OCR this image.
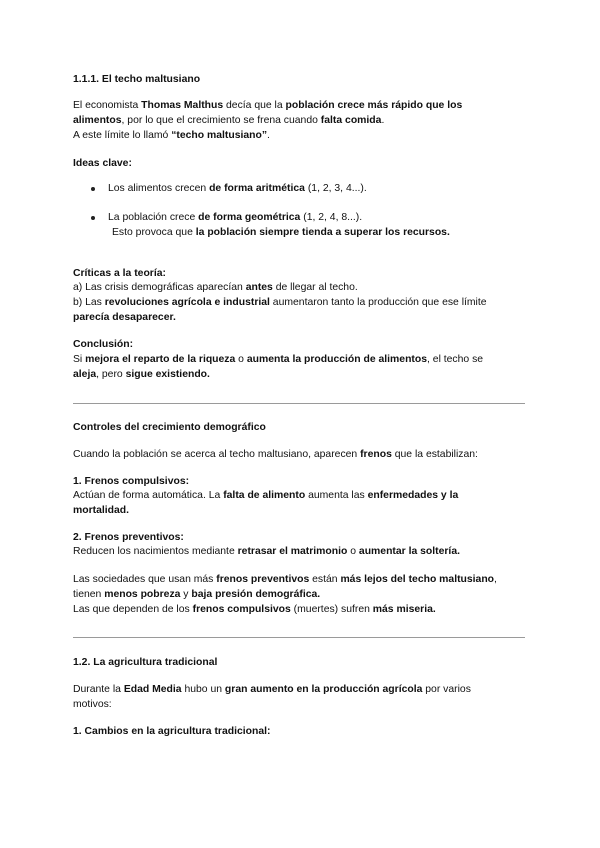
1.1.1. El techo maltusiano
El economista Thomas Malthus decía que la población crece más rápido que los
alimentos, por lo que el crecimiento se frena cuando falta comida.
A este límite lo llamó “techo maltusiano”.
Ideas clave:
Los alimentos crecen de forma aritmética (1, 2, 3, 4...).
La población crece de forma geométrica (1, 2, 4, 8...).
Esto provoca que la población siempre tienda a superar los recursos.
Críticas a la teoría:
a) Las crisis demográficas aparecían antes de llegar al techo.
b) Las revoluciones agrícola e industrial aumentaron tanto la producción que ese límite
parecía desaparecer.
Conclusión:
Si mejora el reparto de la riqueza o aumenta la producción de alimentos, el techo se
aleja, pero sigue existiendo.
Controles del crecimiento demográfico
Cuando la población se acerca al techo maltusiano, aparecen frenos que la estabilizan:
1. Frenos compulsivos:
Actúan de forma automática. La falta de alimento aumenta las enfermedades y la
mortalidad.
2. Frenos preventivos:
Reducen los nacimientos mediante retrasar el matrimonio o aumentar la soltería.
Las sociedades que usan más frenos preventivos están más lejos del techo maltusiano,
tienen menos pobreza y baja presión demográfica.
Las que dependen de los frenos compulsivos (muertes) sufren más miseria.
1.2. La agricultura tradicional
Durante la Edad Media hubo un gran aumento en la producción agrícola por varios
motivos:
1. Cambios en la agricultura tradicional:
